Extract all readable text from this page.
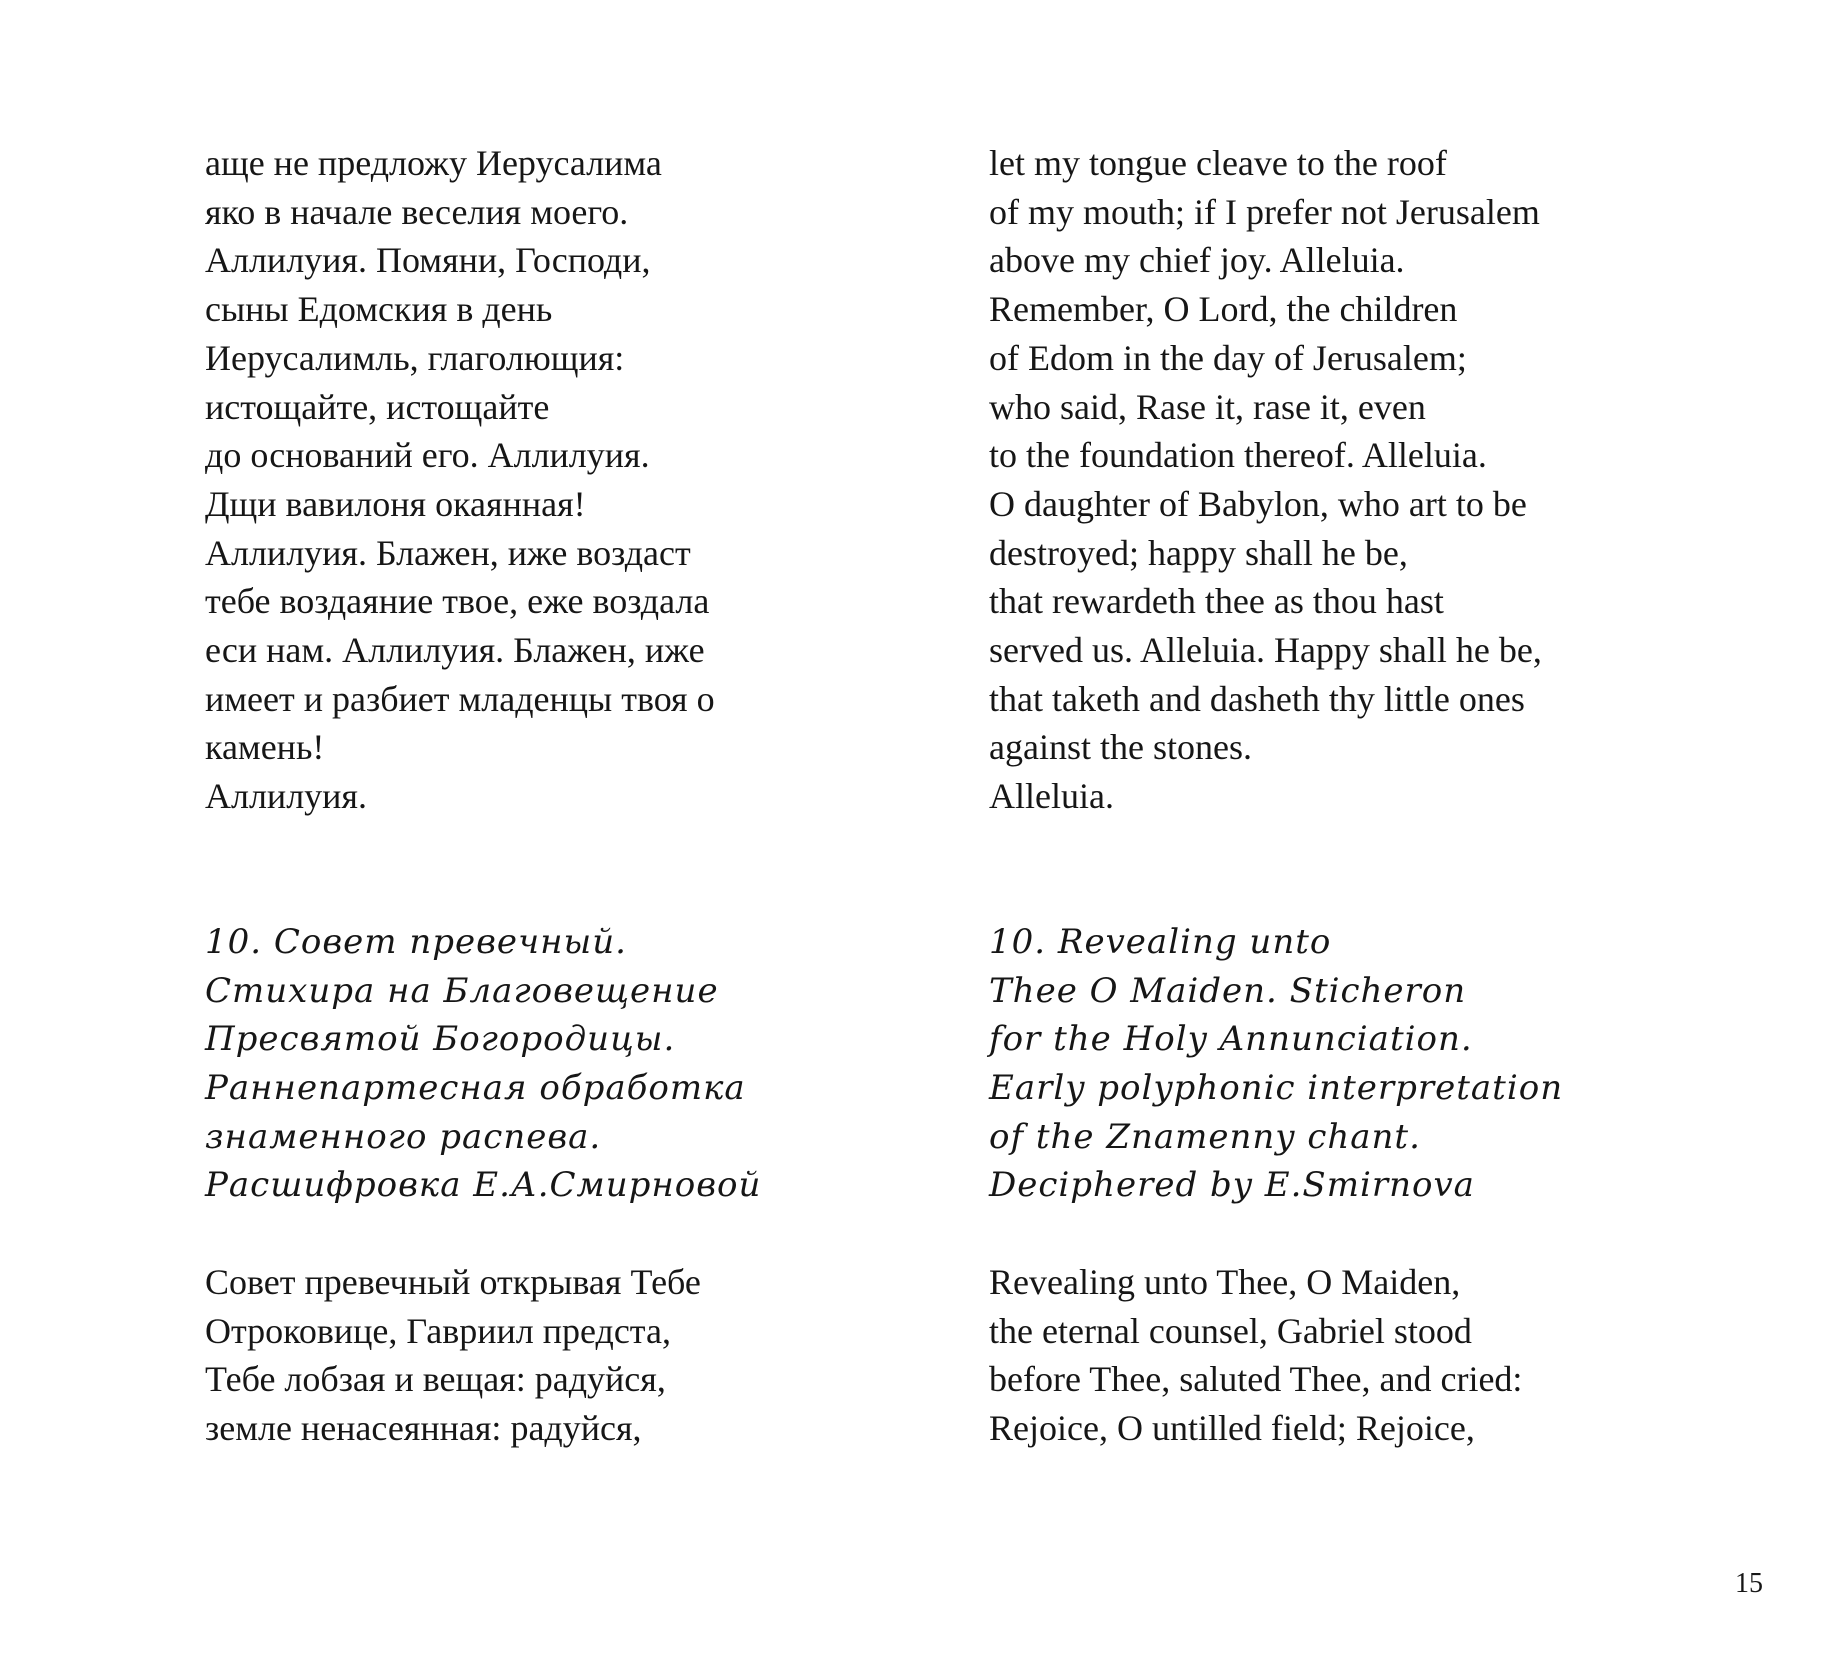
аще не предложу Иерусалима
яко в начале веселия моего.
Аллилуия. Помяни, Господи,
сыны Едомския в день
Иерусалимль, глаголющия:
истощайте, истощайте
до оснований его. Аллилуия.
Дщи вавилоня окаянная!
Аллилуия. Блажен, иже воздаст
тебе воздаяние твое, еже воздала
еси нам. Аллилуия. Блажен, иже
имеет и разбиет младенцы твоя о
камень!
Аллилуия.
10. Совет превечный.
Стихира на Благовещение
Пресвятой Богородицы.
Раннепартесная обработка
знаменного распева.
Расшифровка Е.А.Смирновой
Совет превечный открывая Тебе
Отроковице, Гавриил предста,
Тебе лобзая и вещая: радуйся,
земле ненасеянная: радуйся,
let my tongue cleave to the roof
of my mouth; if I prefer not Jerusalem
above my chief joy. Alleluia.
Remember, O Lord, the children
of Edom in the day of Jerusalem;
who said, Rase it, rase it, even
to the foundation thereof. Alleluia.
O daughter of Babylon, who art to be
destroyed; happy shall he be,
that rewardeth thee as thou hast
served us. Alleluia. Happy shall he be,
that taketh and dasheth thy little ones
against the stones.
Alleluia.
10. Revealing unto
Thee O Maiden. Sticheron
for the Holy Annunciation.
Early polyphonic interpretation
of the Znamenny chant.
Deciphered by E.Smirnova
Revealing unto Thee, O Maiden,
the eternal counsel, Gabriel stood
before Thee, saluted Thee, and cried:
Rejoice, O untilled field; Rejoice,
15
